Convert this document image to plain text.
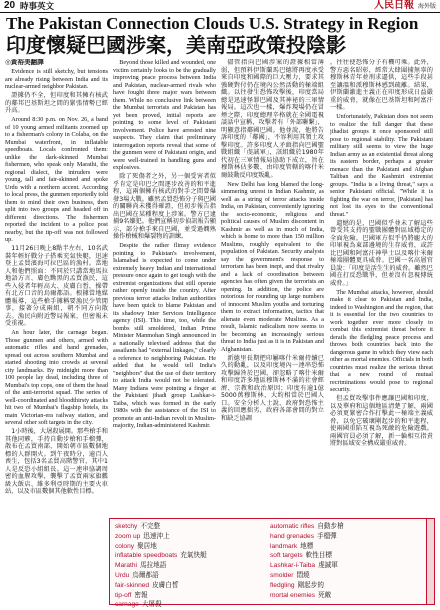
20 時事英文	人民日報 海外版
The Pakistan Connection Clouds U.S. Strategy in Region
印度懷疑巴國涉案，美南亞政策投陰影
◎黃裕美翻譯

Evidence is still sketchy, but tensions are already rising between India and its nuclear-armed neighbor Pakistan.

證據仍不全，但印度和其擁有核武的鄰邦巴基斯坦之間的緊張情勢已經升高。

Around 8:30 p.m. on Nov. 26, a band of 10 young armed militants zoomed up to a fisherman's colony in Colaba, on the Mumbai waterfront, in inflatable speedboats. Locals confronted them: unlike the dark-skinned Mumbai fishermen, who speak only Marathi, the regional dialect, the intruders were young, tall and fair-skinned and spoke Urdu with a northern accent. According to local press, the gunmen reportedly told them to mind their own business, then split into two groups and headed off in different directions. The fishermen reported the incident to a police post nearby, but the tip-off was not followed up.

11月26日晚上8點半左右，10名武裝年輕好戰分子搭乘充氣快艇，迅速登上孟買濱海可拉巴區的漁村。當地人和他們照面：不同於只講當地馬拉地語方言、膚色黝黑的孟買漁民，這些入侵者年輕高大、皮膚白皙，操帶有北方口音的烏爾都語。根據當地媒體報導，這些槍手據稱要漁民少管閒事，接著分成兩組，朝不同方向散去。漁民向附近警局報案，但密報未受重視。

An hour later, the carnage began. Those gunmen and others, armed with automatic rifles and hand grenades, spread out across southern Mumbai and started shooting into crowds at several city landmarks. By midnight more than 100 people lay dead, including three of Mumbai's top cops, one of them the head of the anti-terrorist squad. The series of well-coordinated and bloodthirsty attacks hit two of Mumbai's flagship hotels, its main Victorian-era railway station, and several other soft targets in the city.

1小時後，大屠殺展開。那些槍手和其他同夥，手持自動步槍和手榴彈，散布在孟買南部，開始朝市區數個地標的人群開火。到午夜時分，逾百人喪生，包括3名孟買高階警官，其中1人是反恐小組組長。這一連串協調周密的血腥攻擊，襲擊了孟買兩家旗艦級大飯店、維多利亞時期的主要火車站，以及市區數個其他軟性目標。

Beyond those killed and wounded, one victim certainly looks to be the gradually improving peace process between India and Pakistan, nuclear-armed rivals who have fought three major wars between them. While no conclusive link between the Mumbai terrorists and Pakistan has yet been proved, initial reports are pointing to some level of Pakistani involvement. Police have arrested nine suspects. They claim that preliminary interrogation reports reveal that some of the gunmen were of Pakistani origin, and were well-trained in handling guns and explosives.

除了死傷者之外，另一個受害者似乎肯定是印巴之間逐步改善的和平進程，這兩個擁有核武的對手之間曾爆發3場大戰。雖然孟買恐怖分子與巴國的關聯尚未獲得確證，但初步報告指出巴國在某種程度上涉案。警方已逮捕9名嫌犯。他們宣稱初步偵訊報告顯示，部分槍手來自巴國，並受過嫻熟操作槍械和爆裂物的訓練。

Despite the rather flimsy evidence pointing to Pakistan's involvement, Islamabad is expected to come under extremely heavy Indian and international pressure once again to get tough with the extremist organizations that still operate rather openly inside the country. After previous terror attacks Indian authorities have been quick to blame Pakistan and its shadowy Inter Services Intelligence agency (ISI). This time, too, while the bombs still smoldered, Indian Prime Minister Manmohan Singh announced in a nationally televised address that the assailants had "external linkages," clearly a reference to neighboring Pakistan. He added that he would tell India's "neighbors" that the use of their territory to attack India would not be tolerated. Many Indians were pointing a finger at the Pakistani jihadi group Lashkar-i-Taiba, which was formed in the early 1980s with the assistance of the ISI to promote an anti-Indian revolt in Muslim-majority, Indian-administered Kashmir.

儘管指向巴國涉案的證據相當薄弱，但預料伊斯蘭馬巴德將再度承受來自印度和國際的巨大壓力，要求其強硬對付仍在境內公然活動的極端組織。以往發生恐怖攻擊後，印度當局總是迅速怪罪巴國及其神祕的三軍情報局。這次也一樣，爆炸現場仍在冒煙之際，印度總理辛格就在全國電視談話中宣稱，攻擊者有「外部聯繫」，明顯意指鄰國巴國。他並說，他將告訴印度的「鄰國」，不容利用其領土攻擊印度。許多印度人矛頭指向巴國聖戰組織「虔誠軍」，該組織於1980年代初在三軍情報局協助下成立，旨在穆斯林佔多數、由印度管轄的喀什米爾鼓動反印度叛亂。

New Delhi has long blamed the long-simmering unrest in Indian Kashmir, as well as a string of terror attacks inside India, on Pakistan, conveniently ignoring the socio-economic, religious and political causes of Muslim discontent in Kashmir as well as in much of India, which is home to more than 150 million Muslims, roughly equivalent to the population of Pakistan. Security analysts say the government's response to terrorism has been inept, and that rivalry and a lack of coordination between agencies has often given the terrorists an opening. In addition, the police are notorious for rounding up large numbers of innocent Muslim youths and torturing them to extract information, tactics that alienate even moderate Muslims. As a result, Islamic radicalism now seems to be becoming an increasingly serious threat to India just as it is in Pakistan and Afghanistan.

新德里長期把印屬喀什米爾持續已久的動亂，以及印度境內一連串恐怖攻擊歸咎於巴國，卻忽略了喀什米爾和印度許多地區穆斯林不滿的社會經濟、宗教和政治原因；印度有逾1億5000萬穆斯林，大約相當於巴國人口。安全分析人士說，政府對恐怖主義的回應拙劣，政府各部會間的對立和缺乏協調

，往往使恐怖分子有機可乘。此外，警方惡名昭彰，經常大肆圍捕無辜的穆斯林青年並刑求逼供，這些手段甚至讓溫和派穆斯林感到疏離。結果，伊斯蘭激進主義正在印度形成日益嚴重的威脅，就像在巴基斯坦和阿富汗一樣。

Unfortunately, Pakistan does not seem to realize the full danger that these jihadist groups it once sponsored still pose to regional stability. The Pakistani military still seems to view the huge Indian army as an existential threat along its eastern border, perhaps a greater menace than the Pakistani and Afghan Taliban and the Kashmiri extremist groups. "India is a living threat," says a senior Pakistani official. "While it is fighting the war on terror, [Pakistan] has not lost its eyes to the conventional threat."

遺憾的是，巴國似乎並未了解這些曾受其支持的聖戰團體對區域穩定的全面危險。巴國軍方似乎仍將龐大的印軍視為東部邊境的生存威脅，或許比巴國和阿富汗神學士以及喀什米爾極端團體更具威脅。巴國一名高層官員說：「印度是活生生的威脅。雖然巴國在打反恐戰爭，但並沒有忽視傳統威脅。」

The Mumbai attacks, however, should make it clear to Pakistan and India, indeed to Washington and the region, that it is essential for the two countries to work together ever more closely to combat this extremist threat before it derails the fledgling peace process and throws both countries back into the dangerous game in which they view each other as mortal enemies. Officials in both countries must realize the serious threat that a new round of mutual recriminations would pose to regional security.

但孟買攻擊事件應讓巴國和印度，以及華府和這個地區清楚了解，兩國必須更緊密合作打擊此一極端主義威脅，以免它破壞剛起步的和平進程，使兩國重陷互視為死敵的危險遊戲。兩國官員必須了解，新一輪相互指責將對區域安全構成嚴重威脅。

sketchy 不完整
zoom up 迅速沖上
colony 聚居地
inflatable speedboats 充氣快艇
Marathi 馬拉地語
Urdu 烏爾都語
fair-skinned 皮膚白皙
tip-off 密報
carnage 大屠殺
automatic rifles 自動步槍
hand grenades 手榴彈
landmark 地標
soft targets 軟性目標
Lashkar-i-Taiba 虔誠軍
smolder 悶燒
fledgling 剛起步的
mortal enemies 死敵
